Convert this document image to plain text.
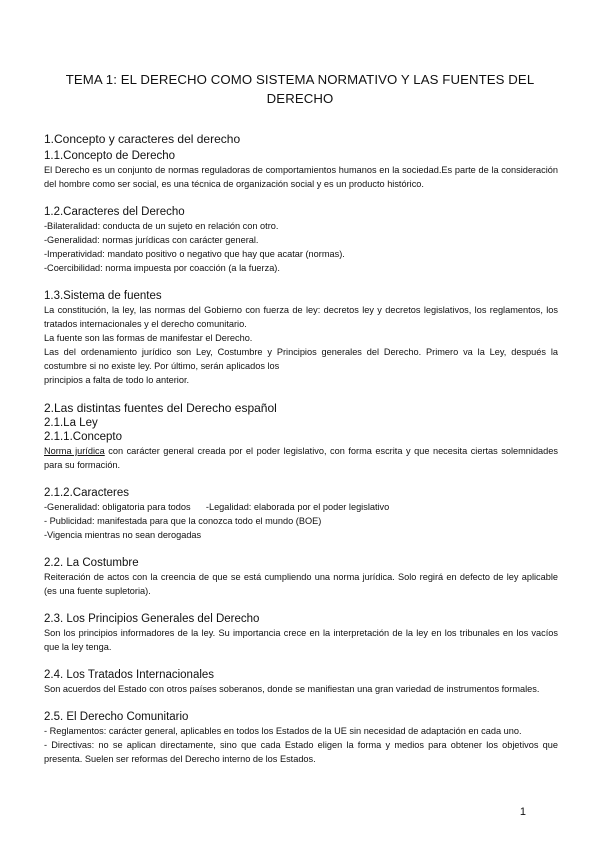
TEMA 1: EL DERECHO COMO SISTEMA NORMATIVO Y LAS FUENTES DEL
DERECHO
1.Concepto y caracteres del derecho
1.1.Concepto de Derecho

El Derecho es un conjunto de normas reguladoras de comportamientos humanos en la sociedad.Es parte de la consideración del hombre como ser social, es una técnica de organización social y es un producto histórico.

1.2.Caracteres del Derecho

-Bilateralidad: conducta de un sujeto en relación con otro.

-Generalidad: normas jurídicas con carácter general.

-Imperatividad: mandato positivo o negativo que hay que acatar (normas).

-Coercibilidad: norma impuesta por coacción (a la fuerza).

1.3.Sistema de fuentes

La constitución, la ley, las normas del Gobierno con fuerza de ley: decretos ley y decretos legislativos, los reglamentos, los tratados internacionales y el derecho comunitario.

La fuente son las formas de manifestar el Derecho.

Las del ordenamiento jurídico son Ley, Costumbre y Principios generales del Derecho. Primero va la Ley, después la costumbre si no existe ley. Por último, serán aplicados los

principios a falta de todo lo anterior.

2.Las distintas fuentes del Derecho español
2.1.La Ley
2.1.1.Concepto

Norma jurídica con carácter general creada por el poder legislativo, con forma escrita y que necesita ciertas solemnidades para su formación.

2.1.2.Caracteres

-Generalidad: obligatoria para todos      -Legalidad: elaborada por el poder legislativo

- Publicidad: manifestada para que la conozca todo el mundo (BOE)

-Vigencia mientras no sean derogadas

2.2. La Costumbre

Reiteración de actos con la creencia de que se está cumpliendo una norma jurídica. Solo regirá en defecto de ley aplicable (es una fuente supletoria).

2.3. Los Principios Generales del Derecho

Son los principios informadores de la ley. Su importancia crece en la interpretación de la ley en los tribunales en los vacíos que la ley tenga.

2.4. Los Tratados Internacionales

Son acuerdos del Estado con otros países soberanos, donde se manifiestan una gran variedad de instrumentos formales.

2.5. El Derecho Comunitario

- Reglamentos: carácter general, aplicables en todos los Estados de la UE sin necesidad de adaptación en cada uno.

- Directivas: no se aplican directamente, sino que cada Estado eligen la forma y medios para obtener los objetivos que presenta. Suelen ser reformas del Derecho interno de los Estados.

1
